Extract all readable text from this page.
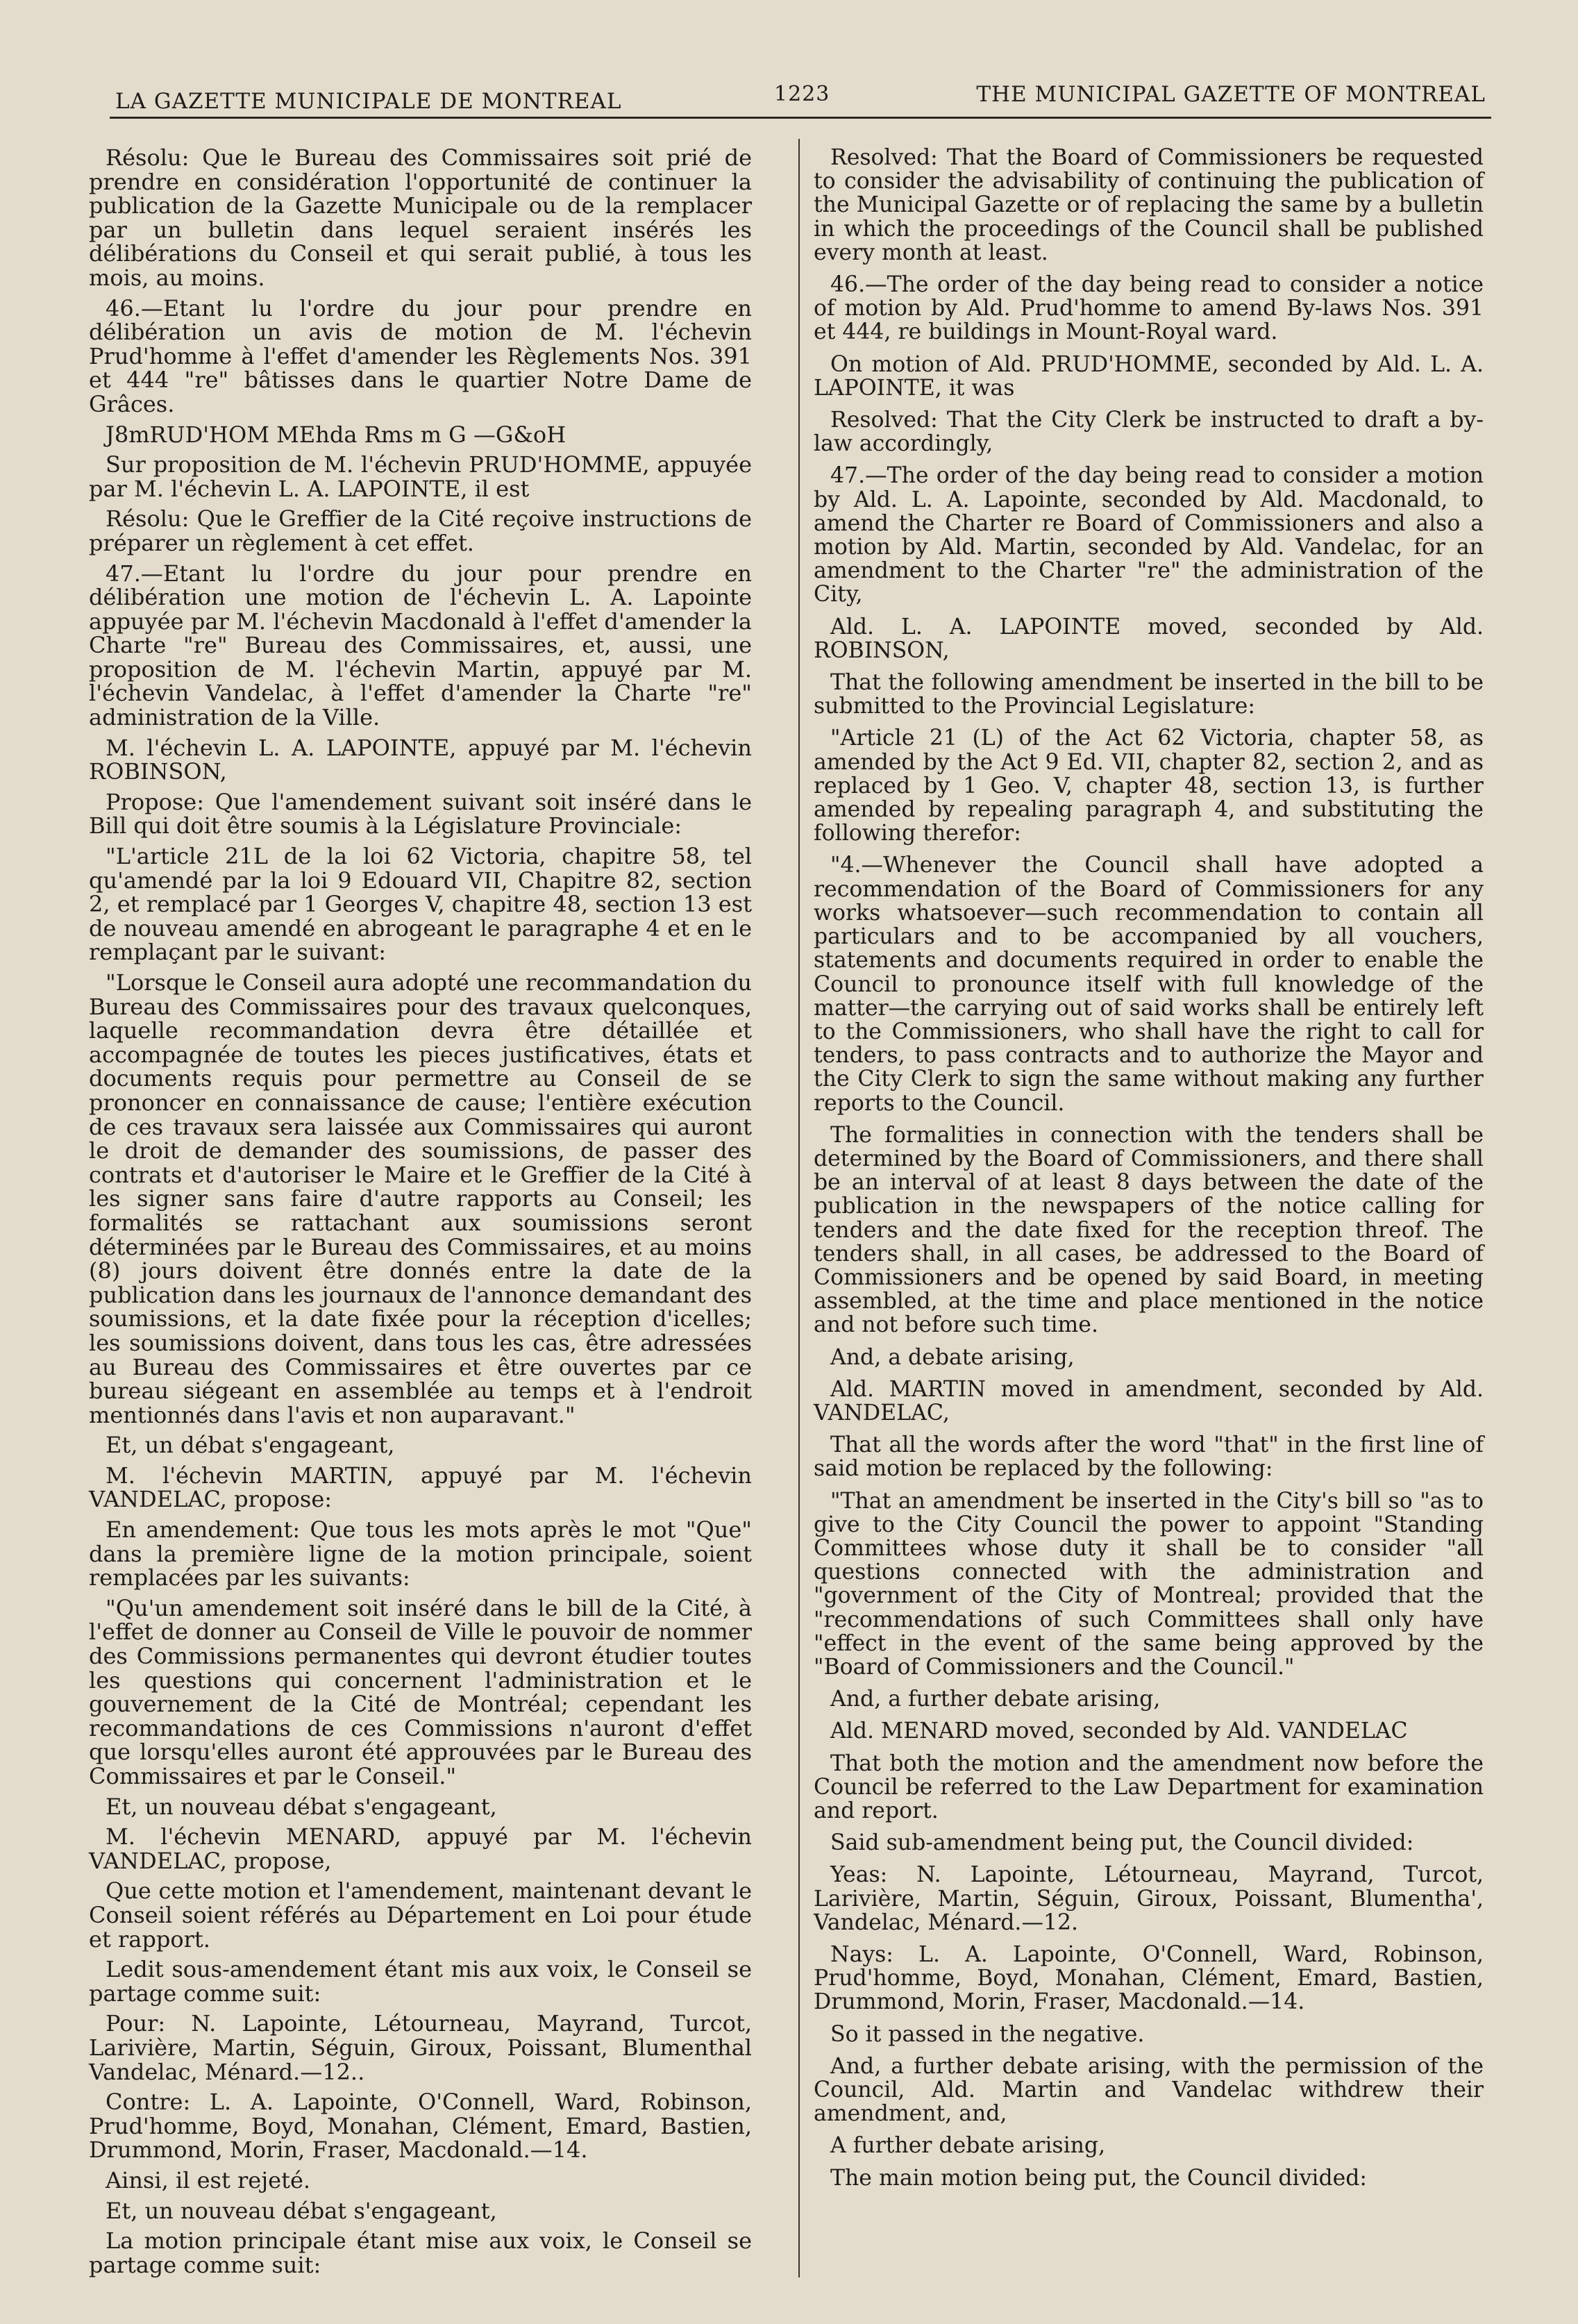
LA GAZETTE MUNICIPALE DE MONTREAL	1223	THE MUNICIPAL GAZETTE OF MONTREAL

Résolu: Que le Bureau des Commissaires soit prié de prendre en considération l'opportunité de continuer la publication de la Gazette Municipale ou de la remplacer par un bulletin dans lequel seraient insérés les délibérations du Conseil et qui serait publié, à tous les mois, au moins.

46.—Etant lu l'ordre du jour pour prendre en délibération un avis de motion de M. l'échevin Prud'homme à l'effet d'amender les Règlements Nos. 391 et 444 "re" bâtisses dans le quartier Notre Dame de Grâces.

J8mRUD'HOM MEhda Rms m G —G&oH

Sur proposition de M. l'échevin PRUD'HOMME, appuyée par M. l'échevin L. A. LAPOINTE, il est

Résolu: Que le Greffier de la Cité reçoive instructions de préparer un règlement à cet effet.

47.—Etant lu l'ordre du jour pour prendre en délibération une motion de l'échevin L. A. Lapointe appuyée par M. l'échevin Macdonald à l'effet d'amender la Charte "re" Bureau des Commissaires, et, aussi, une proposition de M. l'échevin Martin, appuyé par M. l'échevin Vandelac, à l'effet d'amender la Charte "re" administration de la Ville.

M. l'échevin L. A. LAPOINTE, appuyé par M. l'échevin ROBINSON,

Propose: Que l'amendement suivant soit inséré dans le Bill qui doit être soumis à la Législature Provinciale:

"L'article 21L de la loi 62 Victoria, chapitre 58, tel qu'amendé par la loi 9 Edouard VII, Chapitre 82, section 2, et remplacé par 1 Georges V, chapitre 48, section 13 est de nouveau amendé en abrogeant le paragraphe 4 et en le remplaçant par le suivant:

"Lorsque le Conseil aura adopté une recommandation du Bureau des Commissaires pour des travaux quelconques, laquelle recommandation devra être détaillée et accompagnée de toutes les pieces justificatives, états et documents requis pour permettre au Conseil de se prononcer en connaissance de cause; l'entière exécution de ces travaux sera laissée aux Commissaires qui auront le droit de demander des soumissions, de passer des contrats et d'autoriser le Maire et le Greffier de la Cité à les signer sans faire d'autre rapports au Conseil; les formalités se rattachant aux soumissions seront déterminées par le Bureau des Commissaires, et au moins (8) jours doivent être donnés entre la date de la publication dans les journaux de l'annonce demandant des soumissions, et la date fixée pour la réception d'icelles; les soumissions doivent, dans tous les cas, être adressées au Bureau des Commissaires et être ouvertes par ce bureau siégeant en assemblée au temps et à l'endroit mentionnés dans l'avis et non auparavant."

Et, un débat s'engageant,

M. l'échevin MARTIN, appuyé par M. l'échevin VANDELAC, propose:

En amendement: Que tous les mots après le mot "Que" dans la première ligne de la motion principale, soient remplacées par les suivants:

"Qu'un amendement soit inséré dans le bill de la Cité, à l'effet de donner au Conseil de Ville le pouvoir de nommer des Commissions permanentes qui devront étudier toutes les questions qui concernent l'administration et le gouvernement de la Cité de Montréal; cependant les recommandations de ces Commissions n'auront d'effet que lorsqu'elles auront été approuvées par le Bureau des Commissaires et par le Conseil."

Et, un nouveau débat s'engageant,

M. l'échevin MENARD, appuyé par M. l'échevin VANDELAC, propose,

Que cette motion et l'amendement, maintenant devant le Conseil soient référés au Département en Loi pour étude et rapport.

Ledit sous-amendement étant mis aux voix, le Conseil se partage comme suit:

Pour: N. Lapointe, Létourneau, Mayrand, Turcot, Larivière, Martin, Séguin, Giroux, Poissant, Blumenthal Vandelac, Ménard.—12..

Contre: L. A. Lapointe, O'Connell, Ward, Robinson, Prud'homme, Boyd, Monahan, Clément, Emard, Bastien, Drummond, Morin, Fraser, Macdonald.—14.

Ainsi, il est rejeté.

Et, un nouveau débat s'engageant,

La motion principale étant mise aux voix, le Conseil se partage comme suit:

Resolved: That the Board of Commissioners be requested to consider the advisability of continuing the publication of the Municipal Gazette or of replacing the same by a bulletin in which the proceedings of the Council shall be published every month at least.

46.—The order of the day being read to consider a notice of motion by Ald. Prud'homme to amend By-laws Nos. 391 et 444, re buildings in Mount-Royal ward.

On motion of Ald. PRUD'HOMME, seconded by Ald. L. A. LAPOINTE, it was

Resolved: That the City Clerk be instructed to draft a by-law accordingly,

47.—The order of the day being read to consider a motion by Ald. L. A. Lapointe, seconded by Ald. Macdonald, to amend the Charter re Board of Commissioners and also a motion by Ald. Martin, seconded by Ald. Vandelac, for an amendment to the Charter "re" the administration of the City,

Ald. L. A. LAPOINTE moved, seconded by Ald. ROBINSON,

That the following amendment be inserted in the bill to be submitted to the Provincial Legislature:

"Article 21 (L) of the Act 62 Victoria, chapter 58, as amended by the Act 9 Ed. VII, chapter 82, section 2, and as replaced by 1 Geo. V, chapter 48, section 13, is further amended by repealing paragraph 4, and substituting the following therefor:

"4.—Whenever the Council shall have adopted a recommendation of the Board of Commissioners for any works whatsoever—such recommendation to contain all particulars and to be accompanied by all vouchers, statements and documents required in order to enable the Council to pronounce itself with full knowledge of the matter—the carrying out of said works shall be entirely left to the Commissioners, who shall have the right to call for tenders, to pass contracts and to authorize the Mayor and the City Clerk to sign the same without making any further reports to the Council.

The formalities in connection with the tenders shall be determined by the Board of Commissioners, and there shall be an interval of at least 8 days between the date of the publication in the newspapers of the notice calling for tenders and the date fixed for the reception threof. The tenders shall, in all cases, be addressed to the Board of Commissioners and be opened by said Board, in meeting assembled, at the time and place mentioned in the notice and not before such time.

And, a debate arising,

Ald. MARTIN moved in amendment, seconded by Ald. VANDELAC,

That all the words after the word "that" in the first line of said motion be replaced by the following:

"That an amendment be inserted in the City's bill so "as to give to the City Council the power to appoint "Standing Committees whose duty it shall be to consider "all questions connected with the administration and "government of the City of Montreal; provided that the "recommendations of such Committees shall only have "effect in the event of the same being approved by the "Board of Commissioners and the Council."

And, a further debate arising,

Ald. MENARD moved, seconded by Ald. VANDELAC

That both the motion and the amendment now before the Council be referred to the Law Department for examination and report.

Said sub-amendment being put, the Council divided:

Yeas: N. Lapointe, Létourneau, Mayrand, Turcot, Larivière, Martin, Séguin, Giroux, Poissant, Blumentha', Vandelac, Ménard.—12.

Nays: L. A. Lapointe, O'Connell, Ward, Robinson, Prud'homme, Boyd, Monahan, Clément, Emard, Bastien, Drummond, Morin, Fraser, Macdonald.—14.

So it passed in the negative.

And, a further debate arising, with the permission of the Council, Ald. Martin and Vandelac withdrew their amendment, and,

A further debate arising,

The main motion being put, the Council divided:
